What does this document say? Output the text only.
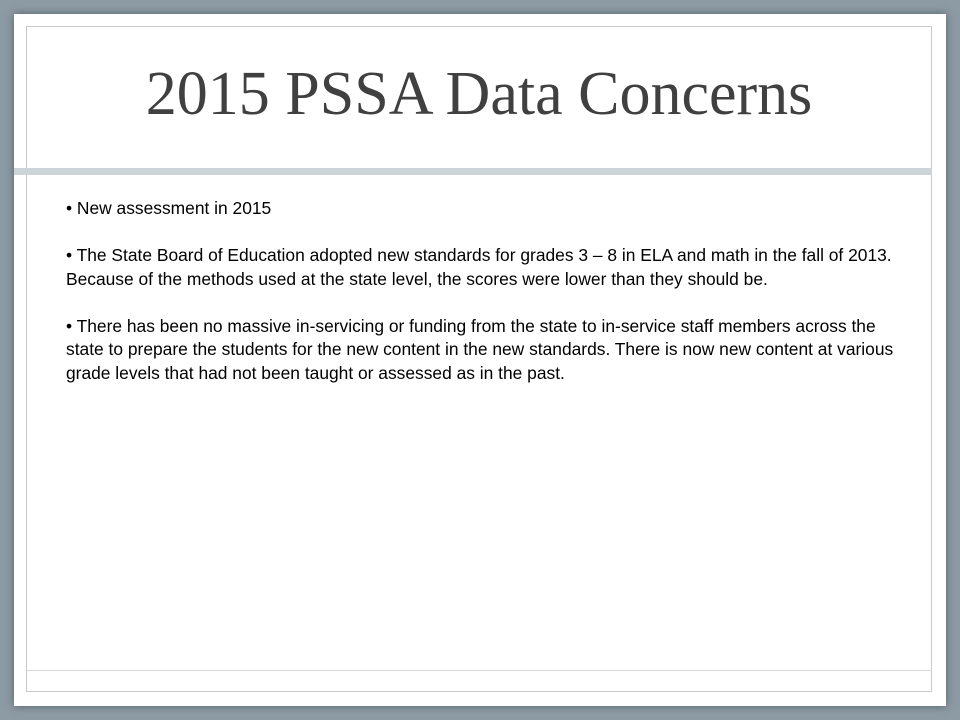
2015 PSSA Data Concerns

• New assessment in 2015

• The State Board of Education adopted new standards for grades 3 – 8 in ELA and math in the fall of 2013. Because of the methods used at the state level, the scores were lower than they should be.

• There has been no massive in-servicing or funding from the state to in-service staff members across the state to prepare the students for the new content in the new standards. There is now new content at various grade levels that had not been taught or assessed as in the past.
